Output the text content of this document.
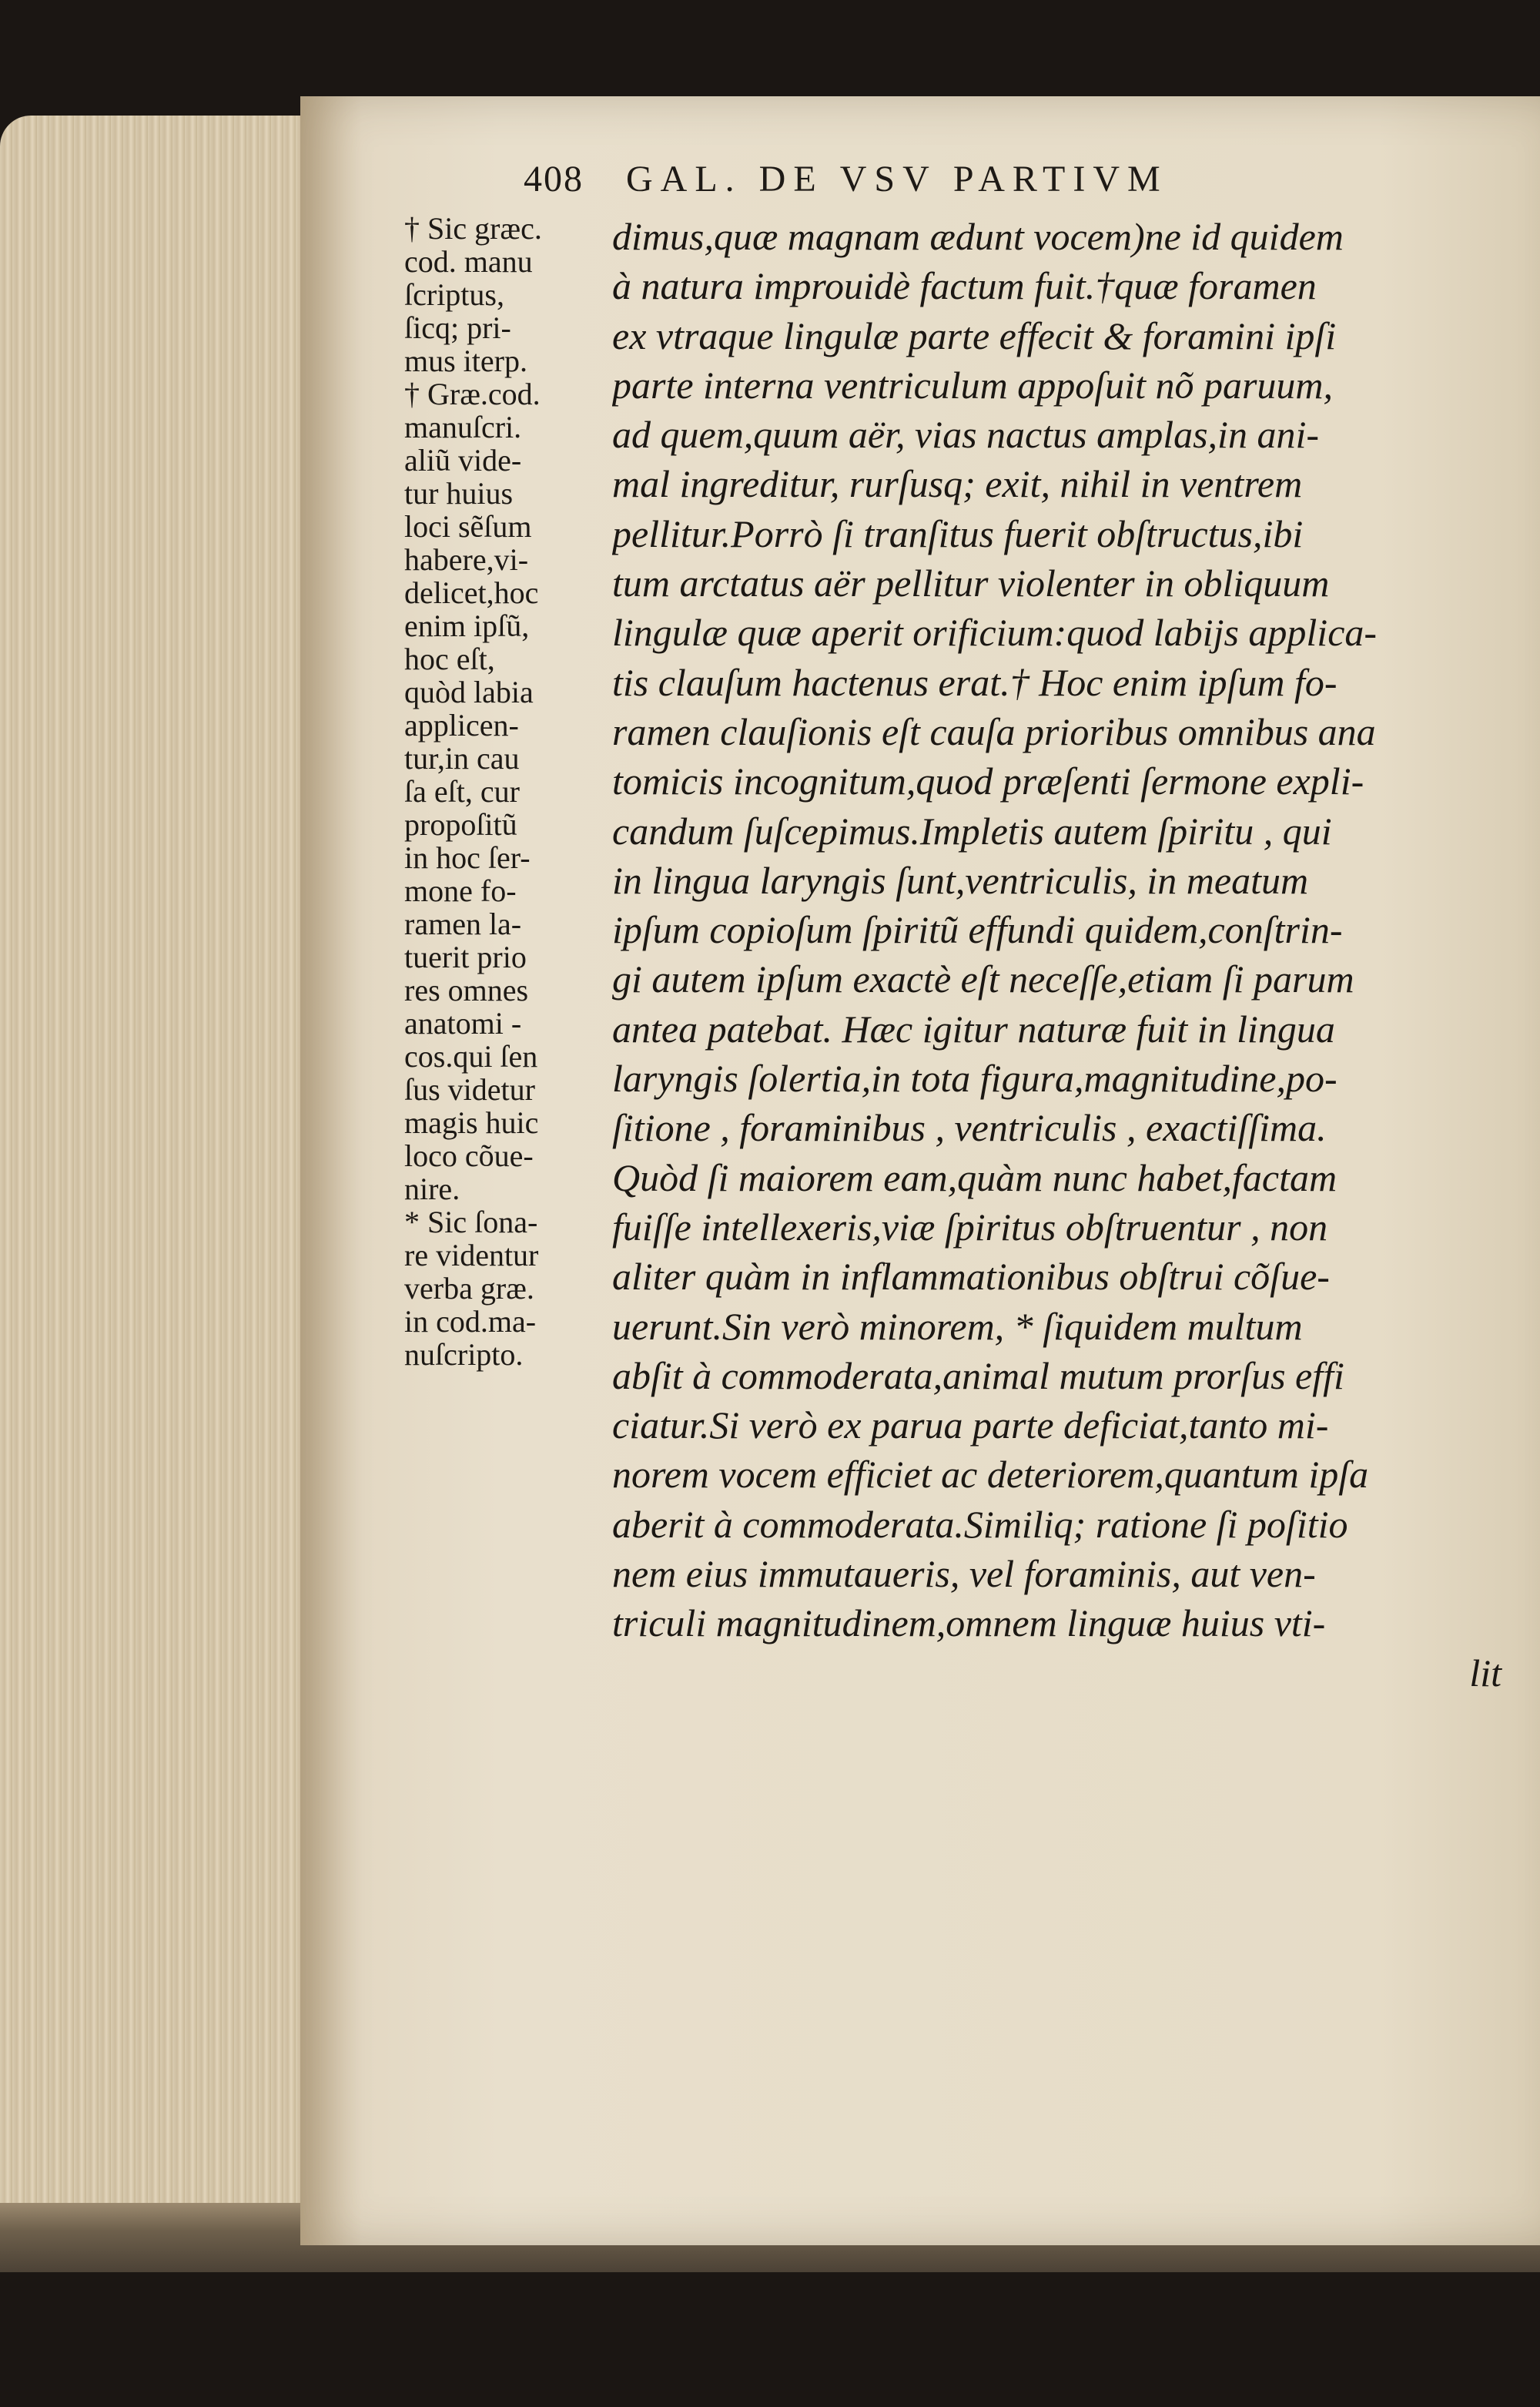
408 GAL. DE VSV PARTIVM
† Sic græc.
cod. manu
ſcriptus,
ſicq; pri-
mus iterp.
† Græ.cod.
manuſcri.
aliũ vide-
tur huius
loci sẽſum
habere,vi-
delicet,hoc
enim ipſũ,
hoc eſt,
quòd labia
applicen-
tur,in cau
ſa eſt, cur
propoſitũ
in hoc ſer-
mone fo-
ramen la-
tuerit prio
res omnes
anatomi -
cos.qui ſen
ſus videtur
magis huic
loco cõue-
nire.
* Sic ſona-
re videntur
verba græ.
in cod.ma-
nuſcripto.
dimus,quæ magnam ædunt vocem)ne id quidem
à natura improuidè factum fuit.†quæ foramen
ex vtraque lingulæ parte effecit & foramini ipſi
parte interna ventriculum appoſuit nõ paruum,
ad quem,quum aër, vias nactus amplas,in ani-
mal ingreditur, rurſusq; exit, nihil in ventrem
pellitur.Porrò ſi tranſitus fuerit obſtructus,ibi
tum arctatus aër pellitur violenter in obliquum
lingulæ quæ aperit orificium:quod labijs applica-
tis clauſum hactenus erat.† Hoc enim ipſum fo-
ramen clauſionis eſt cauſa prioribus omnibus ana
tomicis incognitum,quod præſenti ſermone expli-
candum ſuſcepimus.Impletis autem ſpiritu , qui
in lingua laryngis ſunt,ventriculis, in meatum
ipſum copioſum ſpiritũ effundi quidem,conſtrin-
gi autem ipſum exactè eſt neceſſe,etiam ſi parum
antea patebat. Hæc igitur naturæ fuit in lingua
laryngis ſolertia,in tota figura,magnitudine,po-
ſitione , foraminibus , ventriculis , exactiſſima.
Quòd ſi maiorem eam,quàm nunc habet,factam
fuiſſe intellexeris,viæ ſpiritus obſtruentur , non
aliter quàm in inflammationibus obſtrui cõſue-
uerunt.Sin verò minorem, * ſiquidem multum
abſit à commoderata,animal mutum prorſus effi
ciatur.Si verò ex parua parte deficiat,tanto mi-
norem vocem efficiet ac deteriorem,quantum ipſa
aberit à commoderata.Similiq; ratione ſi poſitio
nem eius immutaueris, vel foraminis, aut ven-
triculi magnitudinem,omnem linguæ huius vti-
lit
